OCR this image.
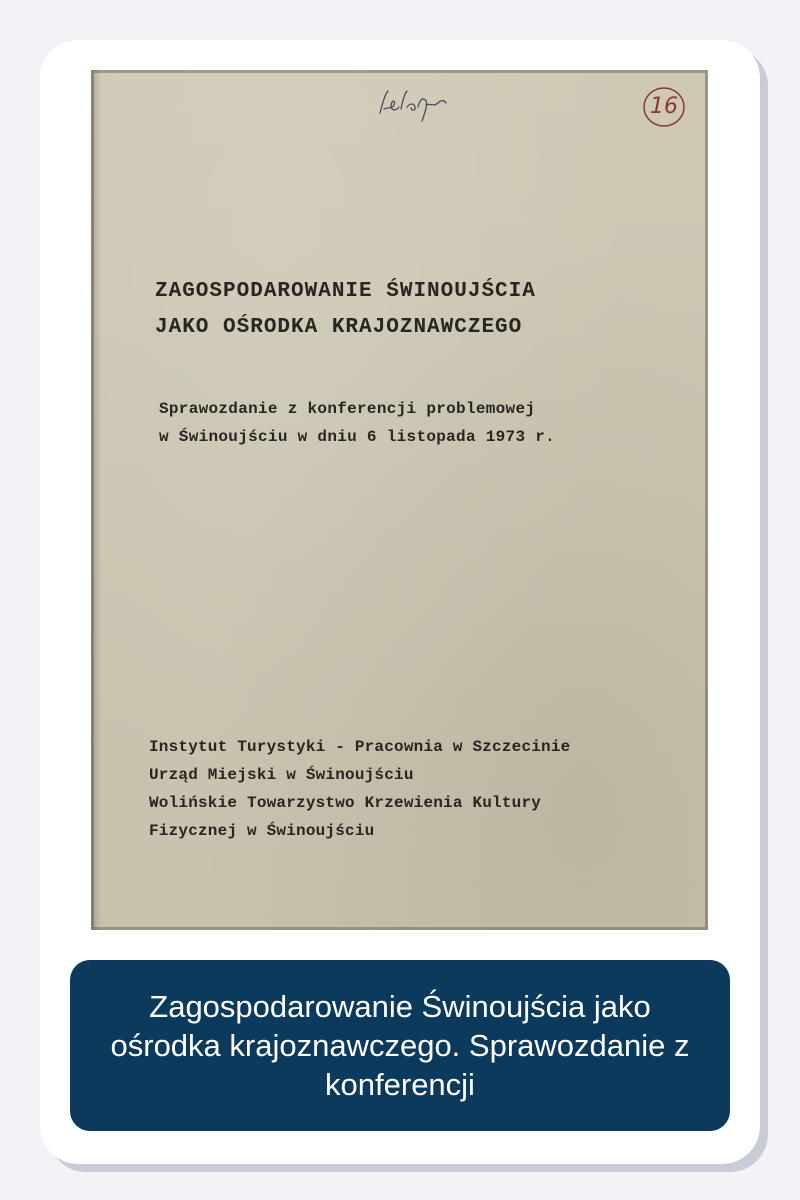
16
ZAGOSPODAROWANIE ŚWINOUJŚCIA
JAKO OŚRODKA KRAJOZNAWCZEGO
Sprawozdanie z konferencji problemowej
w Świnoujściu w dniu 6 listopada 1973 r.
Instytut Turystyki - Pracownia w Szczecinie
Urząd Miejski w Świnoujściu
Wolińskie Towarzystwo Krzewienia Kultury
Fizycznej w Świnoujściu
Zagospodarowanie Świnoujścia jako ośrodka krajoznawczego. Sprawozdanie z konferencji
